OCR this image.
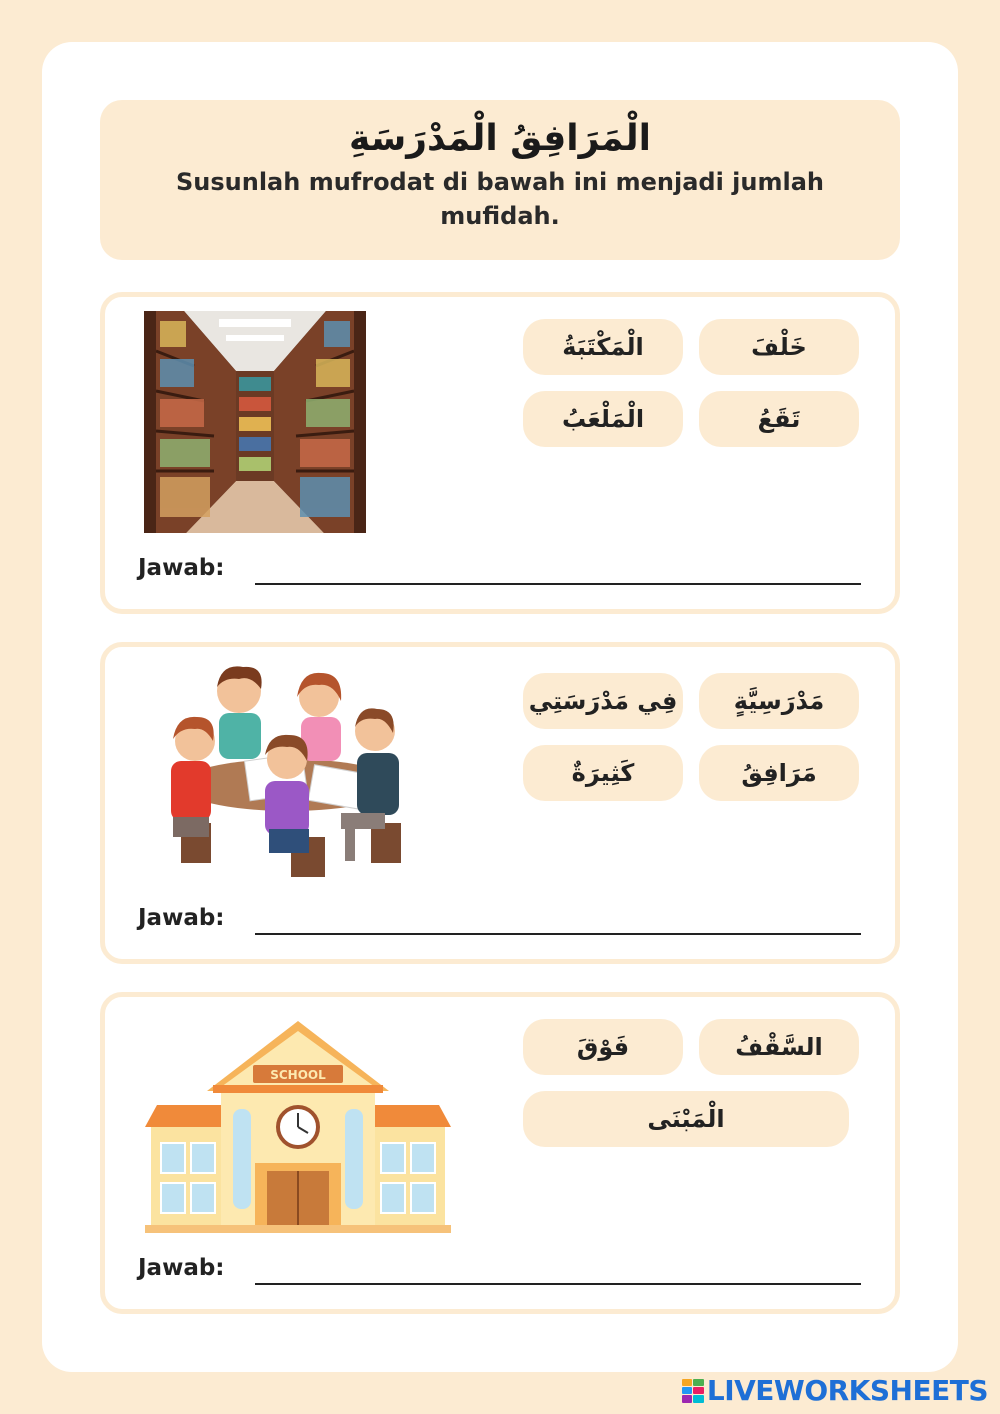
الْمَرَافِقُ الْمَدْرَسَةِ
Susunlah mufrodat di bawah ini menjadi jumlah mufidah.
خَلْفَ
الْمَكْتَبَةُ
تَقَعُ
الْمَلْعَبُ
Jawab:
مَدْرَسِيَّةٍ
فِي مَدْرَسَتِي
مَرَافِقُ
كَثِيرَةٌ
Jawab:
SCHOOL
السَّقْفُ
فَوْقَ
الْمَبْنَى
Jawab:
LIVEWORKSHEETS
